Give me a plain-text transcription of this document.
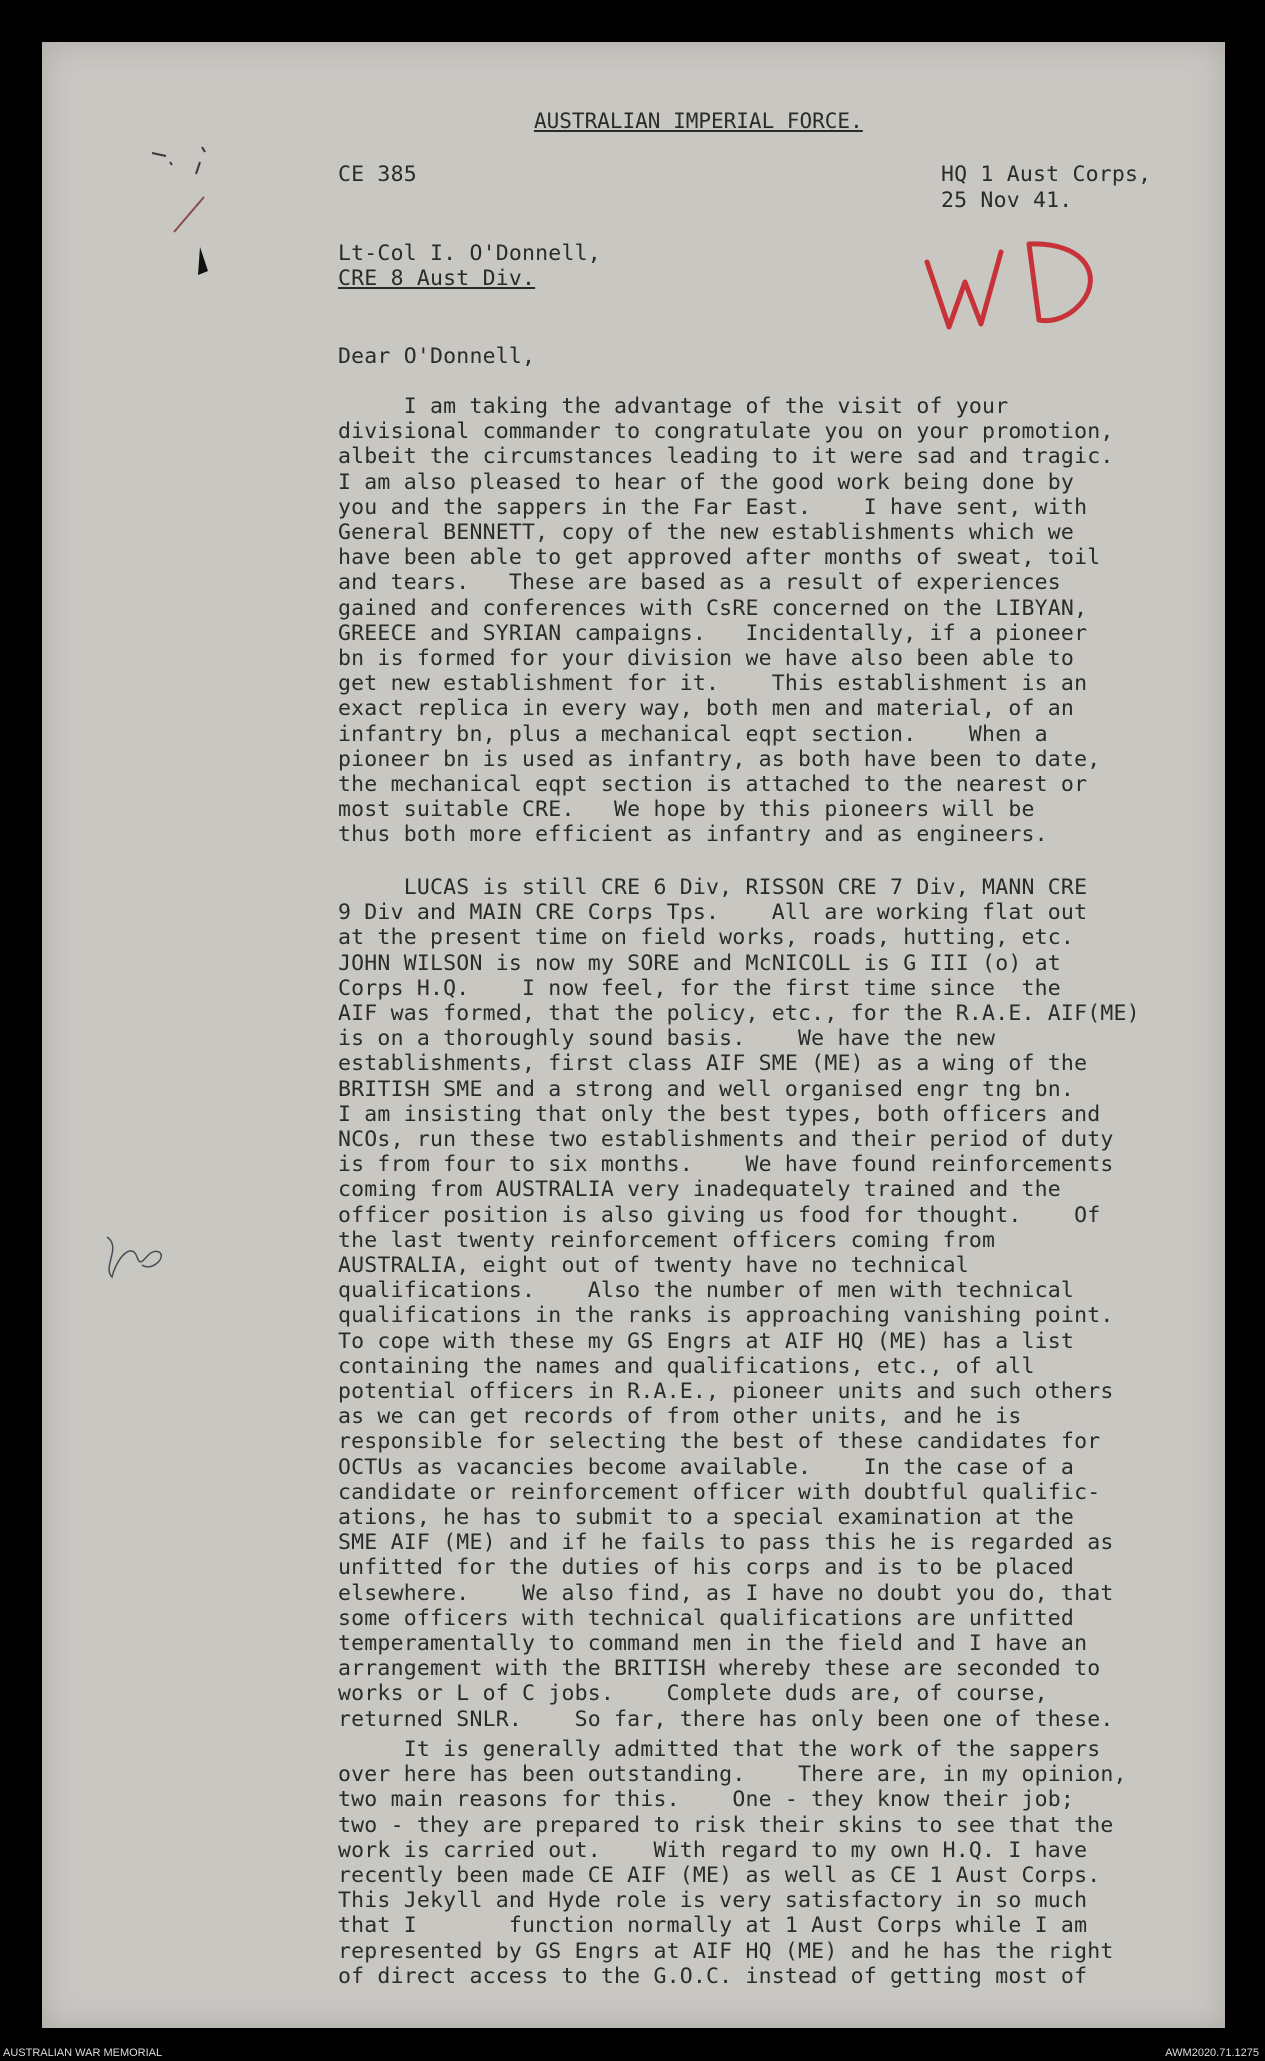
AUSTRALIAN IMPERIAL FORCE.
CE 385	HQ 1 Aust Corps,
25 Nov 41.
Lt-Col I. O'Donnell,
CRE 8 Aust Div.
Dear O'Donnell,
I am taking the advantage of the visit of your
divisional commander to congratulate you on your promotion,
albeit the circumstances leading to it were sad and tragic.
I am also pleased to hear of the good work being done by
you and the sappers in the Far East.    I have sent, with
General BENNETT, copy of the new establishments which we
have been able to get approved after months of sweat, toil
and tears.   These are based as a result of experiences
gained and conferences with CsRE concerned on the LIBYAN,
GREECE and SYRIAN campaigns.   Incidentally, if a pioneer
bn is formed for your division we have also been able to
get new establishment for it.    This establishment is an
exact replica in every way, both men and material, of an
infantry bn, plus a mechanical eqpt section.    When a
pioneer bn is used as infantry, as both have been to date,
the mechanical eqpt section is attached to the nearest or
most suitable CRE.   We hope by this pioneers will be
thus both more efficient as infantry and as engineers.
LUCAS is still CRE 6 Div, RISSON CRE 7 Div, MANN CRE
9 Div and MAIN CRE Corps Tps.    All are working flat out
at the present time on field works, roads, hutting, etc.
JOHN WILSON is now my SORE and McNICOLL is G III (o) at
Corps H.Q.    I now feel, for the first time since  the
AIF was formed, that the policy, etc., for the R.A.E. AIF(ME)
is on a thoroughly sound basis.    We have the new
establishments, first class AIF SME (ME) as a wing of the
BRITISH SME and a strong and well organised engr tng bn.
I am insisting that only the best types, both officers and
NCOs, run these two establishments and their period of duty
is from four to six months.    We have found reinforcements
coming from AUSTRALIA very inadequately trained and the
officer position is also giving us food for thought.    Of
the last twenty reinforcement officers coming from
AUSTRALIA, eight out of twenty have no technical
qualifications.    Also the number of men with technical
qualifications in the ranks is approaching vanishing point.
To cope with these my GS Engrs at AIF HQ (ME) has a list
containing the names and qualifications, etc., of all
potential officers in R.A.E., pioneer units and such others
as we can get records of from other units, and he is
responsible for selecting the best of these candidates for
OCTUs as vacancies become available.    In the case of a
candidate or reinforcement officer with doubtful qualific-
ations, he has to submit to a special examination at the
SME AIF (ME) and if he fails to pass this he is regarded as
unfitted for the duties of his corps and is to be placed
elsewhere.    We also find, as I have no doubt you do, that
some officers with technical qualifications are unfitted
temperamentally to command men in the field and I have an
arrangement with the BRITISH whereby these are seconded to
works or L of C jobs.    Complete duds are, of course,
returned SNLR.    So far, there has only been one of these.
It is generally admitted that the work of the sappers
over here has been outstanding.    There are, in my opinion,
two main reasons for this.    One - they know their job;
two - they are prepared to risk their skins to see that the
work is carried out.    With regard to my own H.Q. I have
recently been made CE AIF (ME) as well as CE 1 Aust Corps.
This Jekyll and Hyde role is very satisfactory in so much
that I       function normally at 1 Aust Corps while I am
represented by GS Engrs at AIF HQ (ME) and he has the right
of direct access to the G.O.C. instead of getting most of
AUSTRALIAN WAR MEMORIAL	AWM2020.71.1275
